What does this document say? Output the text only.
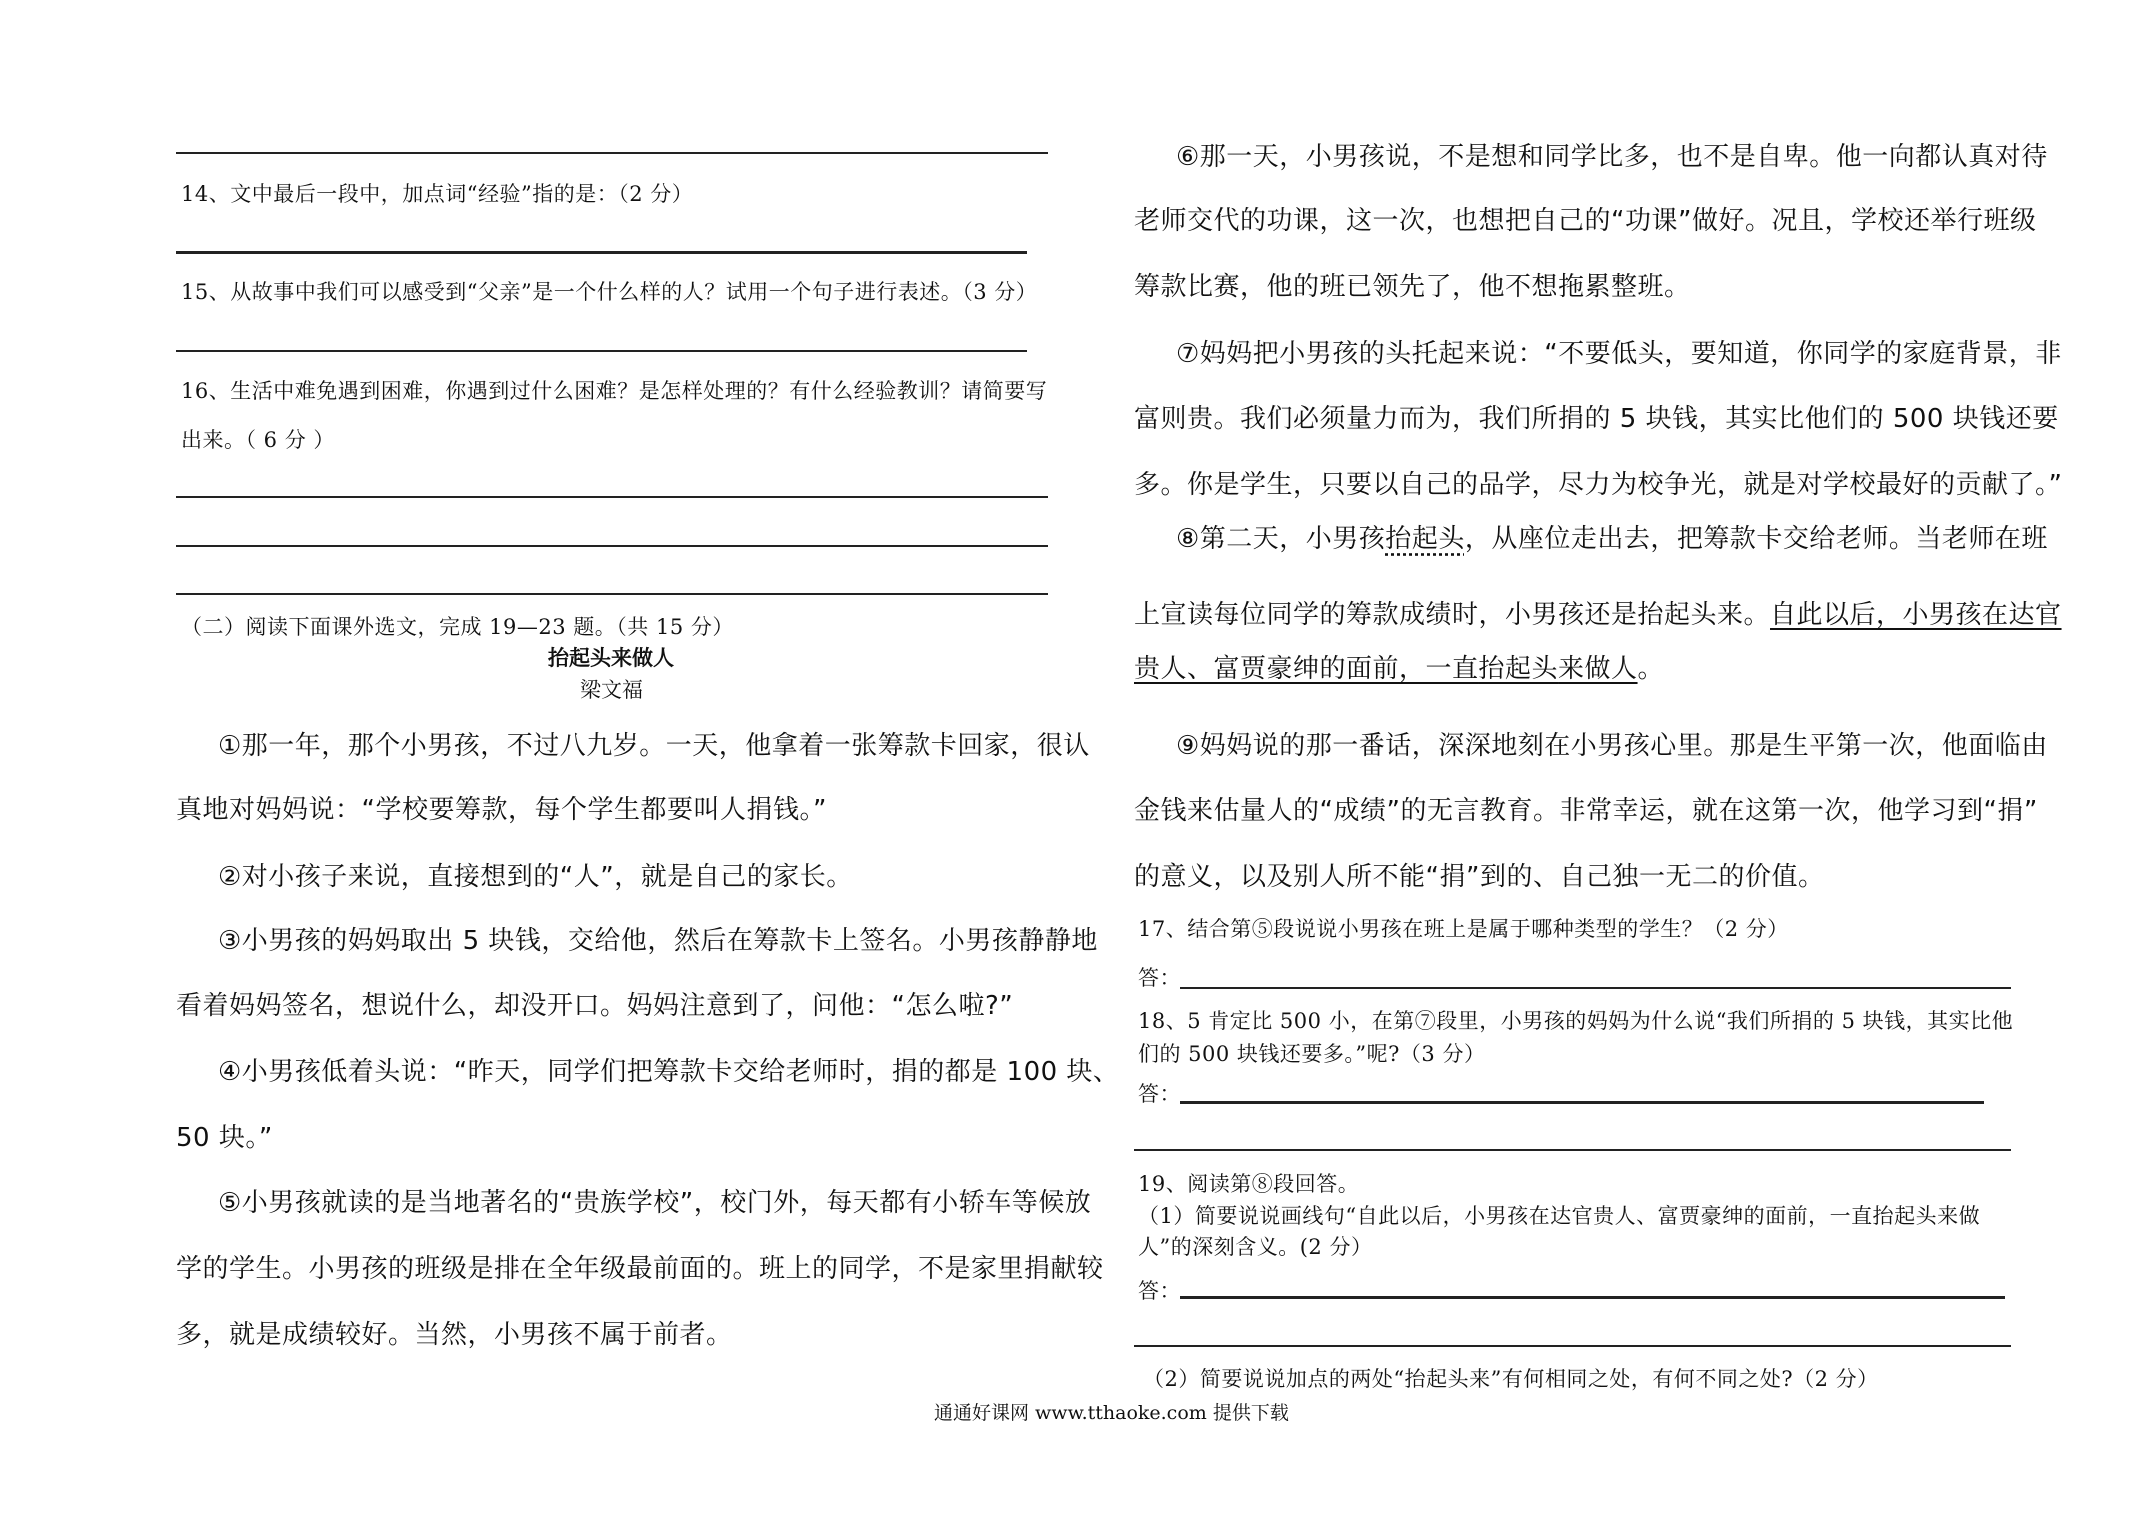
14、文中最后一段中，加点词“经验”指的是：（2 分）
15、从故事中我们可以感受到“父亲”是一个什么样的人？试用一个句子进行表述。（3 分）
16、生活中难免遇到困难，你遇到过什么困难？是怎样处理的？有什么经验教训？请简要写
出来。（ 6 分 ）
（二）阅读下面课外选文，完成 19—23 题。（共 15 分）
抬起头来做人
梁文福
①那一年，那个小男孩，不过八九岁。一天，他拿着一张筹款卡回家，很认
真地对妈妈说：“学校要筹款，每个学生都要叫人捐钱。”
②对小孩子来说，直接想到的“人”，就是自己的家长。
③小男孩的妈妈取出 5 块钱，交给他，然后在筹款卡上签名。小男孩静静地
看着妈妈签名，想说什么，却没开口。妈妈注意到了，问他：“怎么啦?”
④小男孩低着头说：“昨天，同学们把筹款卡交给老师时，捐的都是 100 块、
50 块。”
⑤小男孩就读的是当地著名的“贵族学校”，校门外，每天都有小轿车等候放
学的学生。小男孩的班级是排在全年级最前面的。班上的同学，不是家里捐献较
多，就是成绩较好。当然，小男孩不属于前者。
⑥那一天，小男孩说，不是想和同学比多，也不是自卑。他一向都认真对待
老师交代的功课，这一次，也想把自己的“功课”做好。况且，学校还举行班级
筹款比赛，他的班已领先了，他不想拖累整班。
⑦妈妈把小男孩的头托起来说：“不要低头，要知道，你同学的家庭背景，非
富则贵。我们必须量力而为，我们所捐的 5 块钱，其实比他们的 500 块钱还要
多。你是学生，只要以自己的品学，尽力为校争光，就是对学校最好的贡献了。”
⑧第二天，小男孩抬起头，从座位走出去，把筹款卡交给老师。当老师在班
上宣读每位同学的筹款成绩时，小男孩还是抬起头来。自此以后，小男孩在达官
贵人、富贾豪绅的面前，一直抬起头来做人。
⑨妈妈说的那一番话，深深地刻在小男孩心里。那是生平第一次，他面临由
金钱来估量人的“成绩”的无言教育。非常幸运，就在这第一次，他学习到“捐”
的意义，以及别人所不能“捐”到的、自己独一无二的价值。
17、结合第⑤段说说小男孩在班上是属于哪种类型的学生？（2 分）
答：
18、5 肯定比 500 小，在第⑦段里，小男孩的妈妈为什么说“我们所捐的 5 块钱，其实比他
们的 500 块钱还要多。”呢?（3 分）
答：
19、阅读第⑧段回答。
（1）简要说说画线句“自此以后，小男孩在达官贵人、富贾豪绅的面前，一直抬起头来做
人”的深刻含义。(2 分）
答：
（2）简要说说加点的两处“抬起头来”有何相同之处，有何不同之处?（2 分）
通通好课网 www.tthaoke.com 提供下载
